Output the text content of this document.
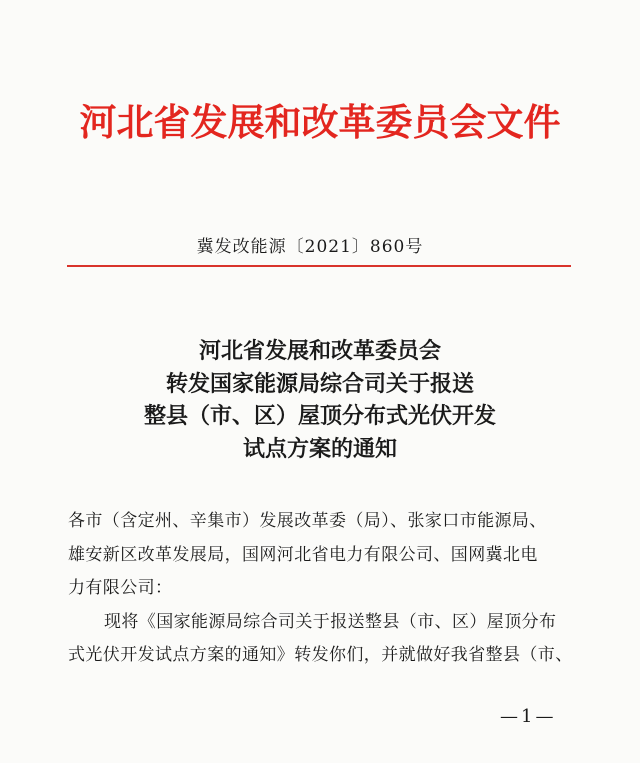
河北省发展和改革委员会文件
冀发改能源〔2021〕860号
河北省发展和改革委员会
转发国家能源局综合司关于报送
整县（市、区）屋顶分布式光伏开发
试点方案的通知

各市（含定州、辛集市）发展改革委（局）、张家口市能源局、

雄安新区改革发展局，国网河北省电力有限公司、国网冀北电

力有限公司：

现将《国家能源局综合司关于报送整县（市、区）屋顶分布

式光伏开发试点方案的通知》转发你们，并就做好我省整县（市、

—1—
